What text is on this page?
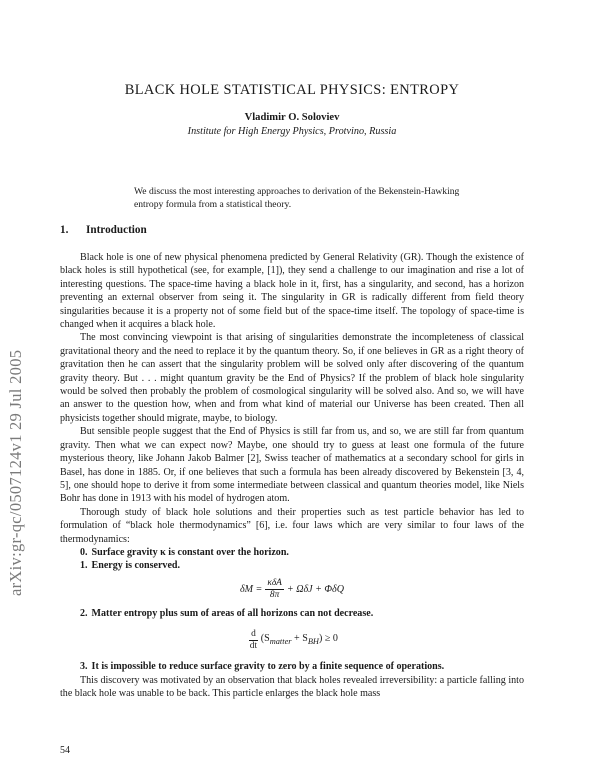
arXiv:gr-qc/0507124v1 29 Jul 2005
BLACK HOLE STATISTICAL PHYSICS: ENTROPY
Vladimir O. Soloviev
Institute for High Energy Physics, Protvino, Russia

We discuss the most interesting approaches to derivation of the Bekenstein-Hawking entropy formula from a statistical theory.

1. Introduction

Black hole is one of new physical phenomena predicted by General Relativity (GR). Though the existence of black holes is still hypothetical (see, for example, [1]), they send a challenge to our imagination and rise a lot of interesting questions. The space-time having a black hole in it, first, has a singularity, and second, has a horizon preventing an external observer from seing it. The singularity in GR is radically different from field theory singularities because it is a property not of some field but of the space-time itself. The topology of space-time is changed when it acquires a black hole.

The most convincing viewpoint is that arising of singularities demonstrate the incompleteness of classical gravitational theory and the need to replace it by the quantum theory. So, if one believes in GR as a right theory of gravitation then he can assert that the singularity problem will be solved only after discovering of the quantum gravity theory. But . . . might quantum gravity be the End of Physics? If the problem of black hole singularity would be solved then probably the problem of cosmological singularity will be solved also. And so, we will have an answer to the question how, when and from what kind of material our Universe has been created. Then all physicists together should migrate, maybe, to biology.

But sensible people suggest that the End of Physics is still far from us, and so, we are still far from quantum gravity. Then what we can expect now? Maybe, one should try to guess at least one formula of the future mysterious theory, like Johann Jakob Balmer [2], Swiss teacher of mathematics at a secondary school for girls in Basel, has done in 1885. Or, if one believes that such a formula has been already discovered by Bekenstein [3, 4, 5], one should hope to derive it from some intermediate between classical and quantum theories model, like Niels Bohr has done in 1913 with his model of hydrogen atom.

Thorough study of black hole solutions and their properties such as test particle behavior has led to formulation of “black hole thermodynamics” [6], i.e. four laws which are very similar to four laws of the thermodynamics:

0. Surface gravity κ is constant over the horizon.
1. Energy is conserved.
$\delta M = \frac{\text{κδA}}{8\pi} + \Omega\delta J + \Phi\delta Q$
2. Matter entropy plus sum of areas of all horizons can not decrease.
$\frac{d}{dt} (S_{matter} + S_{BH}) \ge 0$
3. It is impossible to reduce surface gravity to zero by a finite sequence of operations.

This discovery was motivated by an observation that black holes revealed irreversibility: a particle falling into the black hole was unable to be back. This particle enlarges the black hole mass

54
